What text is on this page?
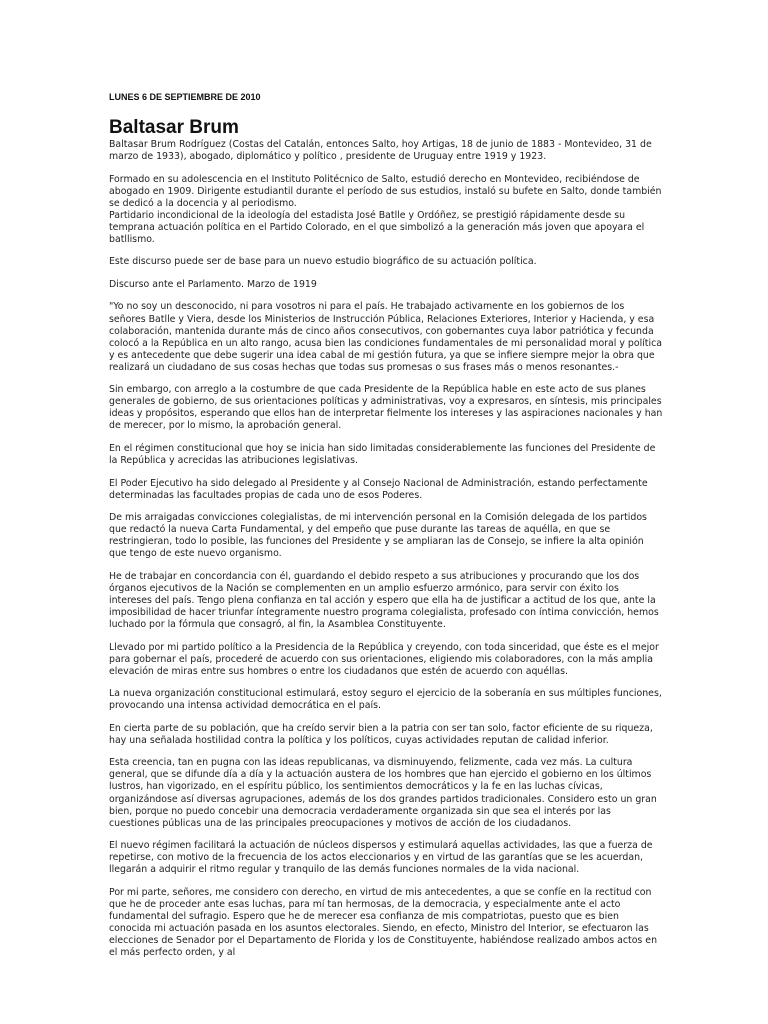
LUNES 6 DE SEPTIEMBRE DE 2010
Baltasar Brum

Baltasar Brum Rodríguez (Costas del Catalán, entonces Salto, hoy Artigas, 18 de junio de 1883 - Montevideo, 31 de marzo de 1933), abogado, diplomático y político , presidente de Uruguay entre 1919 y 1923.

Formado en su adolescencia en el Instituto Politécnico de Salto, estudió derecho en Montevideo, recibiéndose de abogado en 1909. Dirigente estudiantil durante el período de sus estudios, instaló su bufete en Salto, donde también se dedicó a la docencia y al periodismo.

Partidario incondicional de la ideología del estadista José Batlle y Ordóñez, se prestigió rápidamente desde su temprana actuación política en el Partido Colorado, en el que simbolizó a la generación más joven que apoyara el batllismo.

Este discurso puede ser de base para un nuevo estudio biográfico de su actuación política.

Discurso ante el Parlamento. Marzo de 1919

"Yo no soy un desconocido, ni para vosotros ni para el país. He trabajado activamente en los gobiernos de los señores Batlle y Viera, desde los Ministerios de Instrucción Pública, Relaciones Exteriores, Interior y Hacienda, y esa colaboración, mantenida durante más de cinco años consecutivos, con gobernantes cuya labor patriótica y fecunda colocó a la República en un alto rango, acusa bien las condiciones fundamentales de mi personalidad moral y política y es antecedente que debe sugerir una idea cabal de mi gestión futura, ya que se infiere siempre mejor la obra que realizará un ciudadano de sus cosas hechas que todas sus promesas o sus frases más o menos resonantes.-

Sin embargo, con arreglo a la costumbre de que cada Presidente de la República hable en este acto de sus planes generales de gobierno, de sus orientaciones políticas y administrativas, voy a expresaros, en síntesis, mis principales ideas y propósitos, esperando que ellos han de interpretar fielmente los intereses y las aspiraciones nacionales y han de merecer, por lo mismo, la aprobación general.

En el régimen constitucional que hoy se inicia han sido limitadas considerablemente las funciones del Presidente de la República y acrecidas las atribuciones legislativas.

El Poder Ejecutivo ha sido delegado al Presidente y al Consejo Nacional de Administración, estando perfectamente determinadas las facultades propias de cada uno de esos Poderes.

De mis arraigadas convicciones colegialistas, de mi intervención personal en la Comisión delegada de los partidos que redactó la nueva Carta Fundamental, y del empeño que puse durante las tareas de aquélla, en que se restringieran, todo lo posible, las funciones del Presidente y se ampliaran las de Consejo, se infiere la alta opinión que tengo de este nuevo organismo.

He de trabajar en concordancia con él, guardando el debido respeto a sus atribuciones y procurando que los dos órganos ejecutivos de la Nación se complementen en un amplio esfuerzo armónico, para servir con éxito los intereses del país. Tengo plena confianza en tal acción y espero que ella ha de justificar a actitud de los que, ante la imposibilidad de hacer triunfar íntegramente nuestro programa colegialista, profesado con íntima convicción, hemos luchado por la fórmula que consagró, al fin, la Asamblea Constituyente.

Llevado por mi partido político a la Presidencia de la República y creyendo, con toda sinceridad, que éste es el mejor para gobernar el país, procederé de acuerdo con sus orientaciones, eligiendo mis colaboradores, con la más amplia elevación de miras entre sus hombres o entre los ciudadanos que estén de acuerdo con aquéllas.

La nueva organización constitucional estimulará, estoy seguro el ejercicio de la soberanía en sus múltiples funciones, provocando una intensa actividad democrática en el país.

En cierta parte de su población, que ha creído servir bien a la patria con ser tan solo, factor eficiente de su riqueza, hay una señalada hostilidad contra la política y los políticos, cuyas actividades reputan de calidad inferior.

Esta creencia, tan en pugna con las ideas republicanas, va disminuyendo, felizmente, cada vez más. La cultura general, que se difunde día a día y la actuación austera de los hombres que han ejercido el gobierno en los últimos lustros, han vigorizado, en el espíritu público, los sentimientos democráticos y la fe en las luchas cívicas, organizándose así diversas agrupaciones, además de los dos grandes partidos tradicionales. Considero esto un gran bien, porque no puedo concebir una democracia verdaderamente organizada sin que sea el interés por las cuestiones públicas una de las principales preocupaciones y motivos de acción de los ciudadanos.

El nuevo régimen facilitará la actuación de núcleos dispersos y estimulará aquellas actividades, las que a fuerza de repetirse, con motivo de la frecuencia de los actos eleccionarios y en virtud de las garantías que se les acuerdan, llegarán a adquirir el ritmo regular y tranquilo de las demás funciones normales de la vida nacional.

Por mi parte, señores, me considero con derecho, en virtud de mis antecedentes, a que se confíe en la rectitud con que he de proceder ante esas luchas, para mí tan hermosas, de la democracia, y especialmente ante el acto fundamental del sufragio. Espero que he de merecer esa confianza de mis compatriotas, puesto que es bien conocida mi actuación pasada en los asuntos electorales. Siendo, en efecto, Ministro del Interior, se efectuaron las elecciones de Senador por el Departamento de Florida y los de Constituyente, habiéndose realizado ambos actos en el más perfecto orden, y al
